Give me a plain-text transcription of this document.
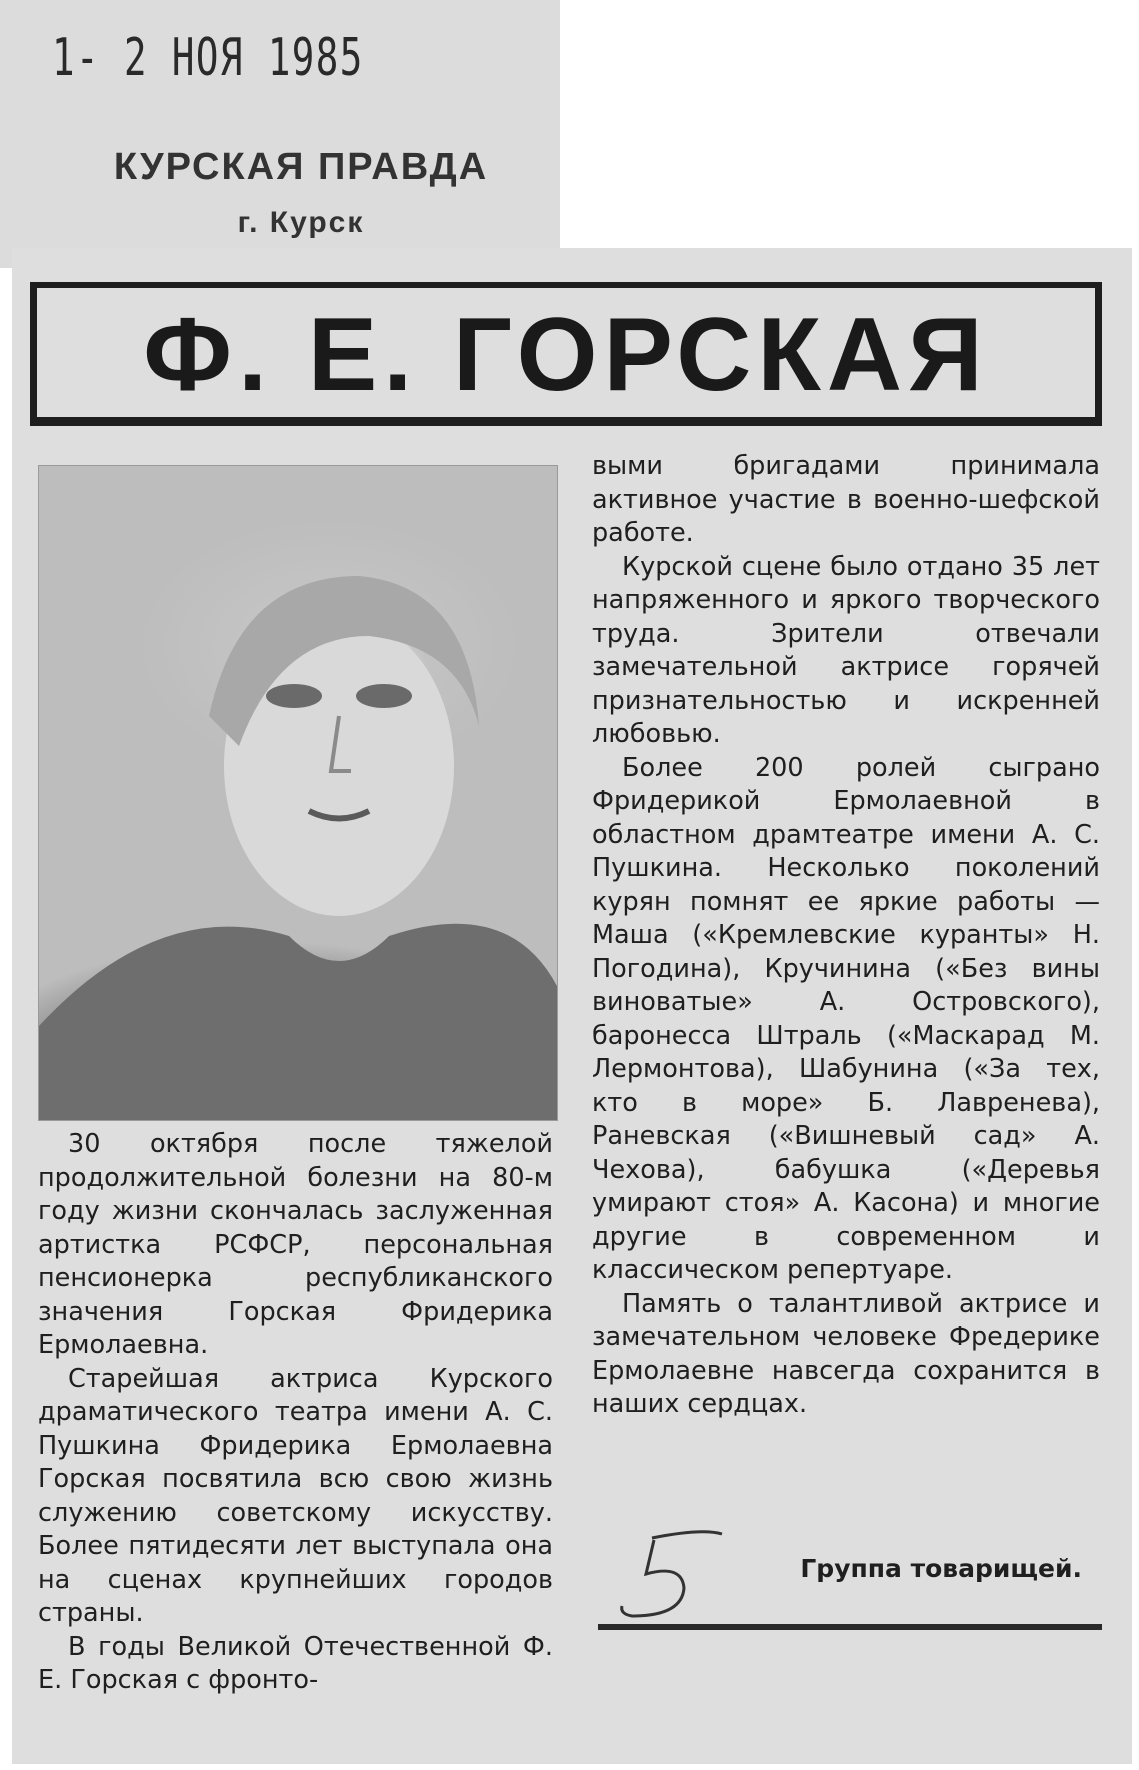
1- 2 НОЯ 1985
КУРСКАЯ ПРАВДА
г. Курск
Ф. Е. ГОРСКАЯ

30 октября после тяжелой продолжительной болезни на 80-м году жизни скончалась заслуженная артистка РСФСР, персональная пенсионерка республиканского значения Горская Фридерика Ермолаевна.

Старейшая актриса Курского драматического театра имени А. С. Пушкина Фридерика Ермолаевна Горская посвятила всю свою жизнь служению советскому искусству. Более пятидесяти лет выступала она на сценах крупнейших городов страны.

В годы Великой Отечественной Ф. Е. Горская с фронто-

выми бригадами принимала активное участие в военно-шефской работе.

Курской сцене было отдано 35 лет напряженного и яркого творческого труда. Зрители отвечали замечательной актрисе горячей признательностью и искренней любовью.

Более 200 ролей сыграно Фридерикой Ермолаевной в областном драмтеатре имени А. С. Пушкина. Несколько поколений курян помнят ее яркие работы — Маша («Кремлевские куранты» Н. Погодина), Кручинина («Без вины виноватые» А. Островского), баронесса Штраль («Маскарад М. Лермонтова), Шабунина («За тех, кто в море» Б. Лавренева), Раневская («Вишневый сад» А. Чехова), бабушка («Деревья умирают стоя» А. Касона) и многие другие в современном и классическом репертуаре.

Память о талантливой актрисе и замечательном человеке Фредерике Ермолаевне навсегда сохранится в наших сердцах.

Группа товарищей.
